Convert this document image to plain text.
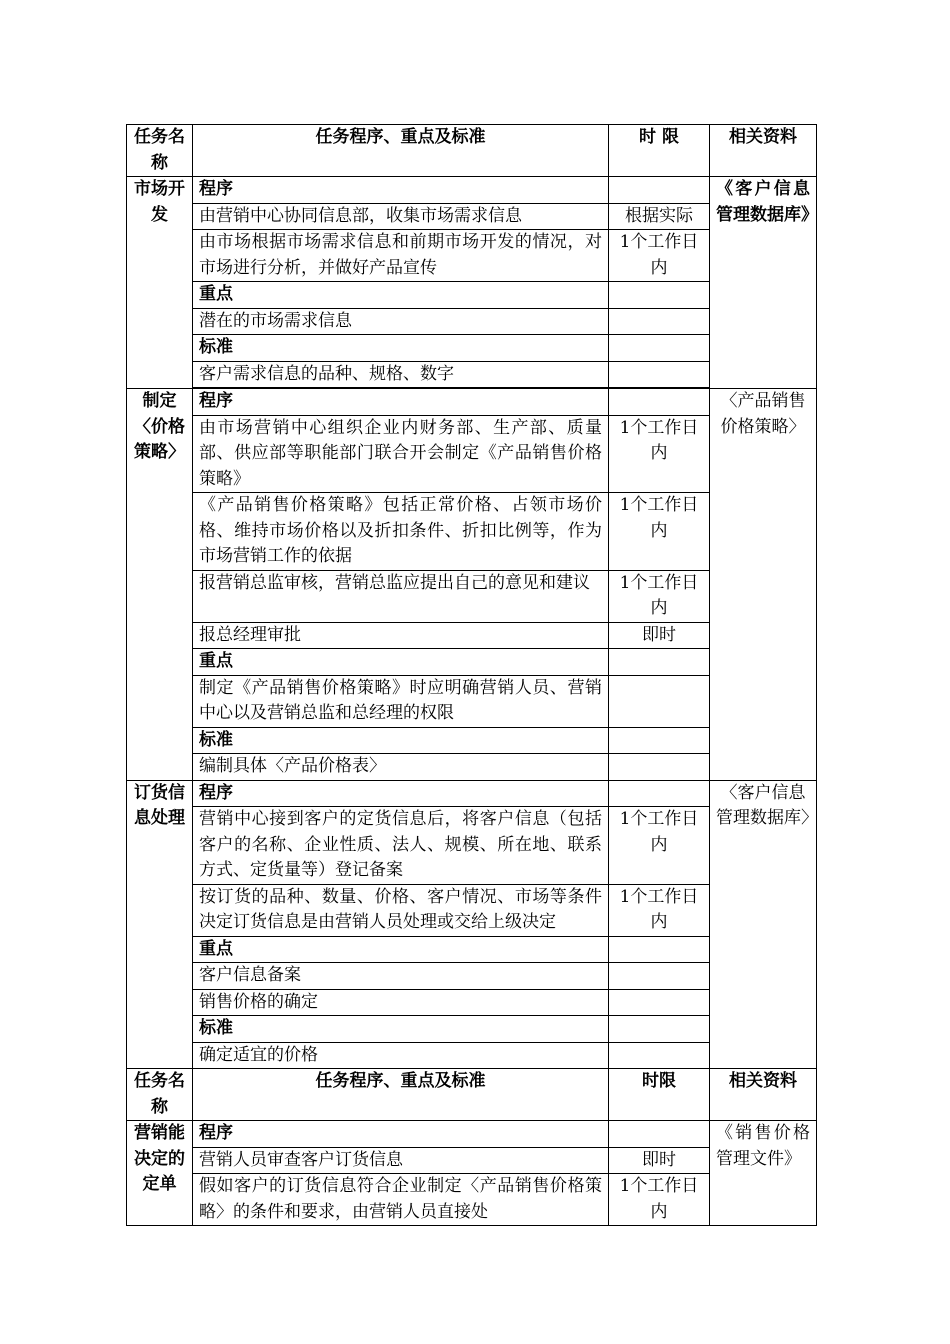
任务名称	任务程序、重点及标准	时 限	相关资料
市场开发	程序		《客户信息管理数据库》
	由营销中心协同信息部，收集市场需求信息	根据实际	
	由市场根据市场需求信息和前期市场开发的情况，对市场进行分析，并做好产品宣传	1个工作日内	
	重点		
	潜在的市场需求信息		
	标准		
	客户需求信息的品种、规格、数字		

制定〈价格策略〉	程序		〈产品销售价格策略〉
	由市场营销中心组织企业内财务部、生产部、质量部、供应部等职能部门联合开会制定《产品销售价格策略》	1个工作日内	
	《产品销售价格策略》包括正常价格、占领市场价格、维持市场价格以及折扣条件、折扣比例等，作为市场营销工作的依据	1个工作日内	
	报营销总监审核，营销总监应提出自己的意见和建议	1个工作日内	
	报总经理审批	即时	
	重点		
	制定《产品销售价格策略》时应明确营销人员、营销中心以及营销总监和总经理的权限		
	标准		
	编制具体〈产品价格表〉		
订货信息处理	程序		〈客户信息管理数据库〉
	营销中心接到客户的定货信息后，将客户信息（包括客户的名称、企业性质、法人、规模、所在地、联系方式、定货量等）登记备案	1个工作日内	
	按订货的品种、数量、价格、客户情况、市场等条件决定订货信息是由营销人员处理或交给上级决定	1个工作日内	
	重点		
	客户信息备案		
	销售价格的确定		
	标准		
	确定适宜的价格		
任务名称	任务程序、重点及标准	时限	相关资料
营销能决定的定单	程序		《销售价格管理文件》
	营销人员审查客户订货信息	即时	

	假如客户的订货信息符合企业制定〈产品销售价格策略〉的条件和要求，由营销人员直接处	1个工作日内	
